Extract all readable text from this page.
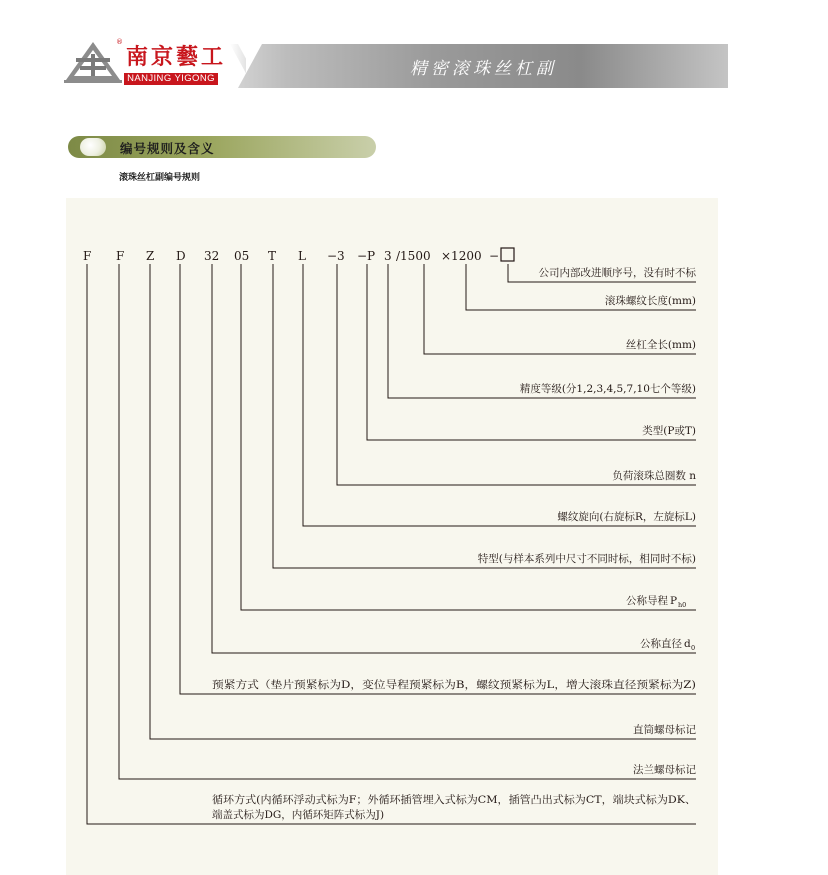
®
南京藝工
NANJING YIGONG	精密滚珠丝杠副
编号规则及含义
滚珠丝杠副编号规则
F F Z D 32 05 T L −3 −P 3 /1500 ×1200 −
公司内部改进顺序号，没有时不标
滚珠螺纹长度(mm)
丝杠全长(mm)
精度等级(分1,2,3,4,5,7,10七个等级)
类型(P或T)
负荷滚珠总圈数 n
螺纹旋向(右旋标R，左旋标L)
特型(与样本系列中尺寸不同时标，相同时不标)
公称导程 P h0
公称直径 d 0
预紧方式（垫片预紧标为D，变位导程预紧标为B，螺纹预紧标为L，增大滚珠直径预紧标为Z)
直筒螺母标记
法兰螺母标记
循环方式(内循环浮动式标为F；外循环插管埋入式标为CM，插管凸出式标为CT，端块式标为DK、
端盖式标为DG，内循环矩阵式标为J)
